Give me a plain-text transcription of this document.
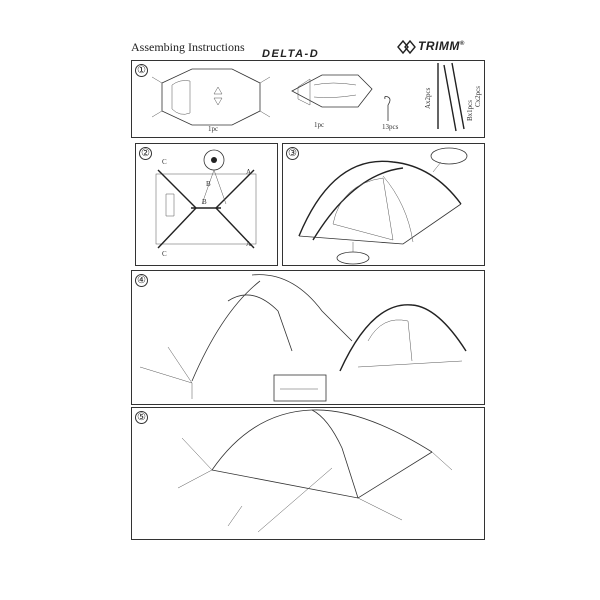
Assembing Instructions DELTA-D
TRIMM®
①
1pc	1pc	13pcs
Ax2pcs
Bx1pcs
Cx2pcs
②
C
C
A
A
B
B
③
④
⑤
